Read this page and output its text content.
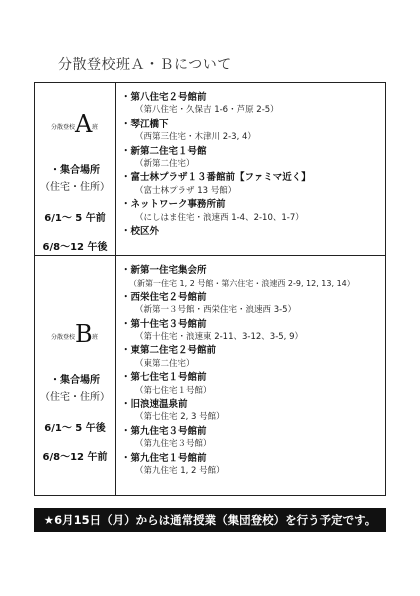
分散登校班Ａ・Ｂについて
分散登校 A 班
・集合場所
（住宅・住所）
6/1～ 5 午前
6/8～12 午後
・第八住宅２号館前
（第八住宅・久保吉 1-6・芦原 2-5）
・琴江橋下
（西第三住宅・木津川 2-3, 4）
・新第二住宅１号館
（新第二住宅）
・富士林プラザ１３番館前【ファミマ近く】
（富士林プラザ 13 号館）
・ネットワーク事務所前
（にしはま住宅・浪速西 1-4、2-10、1-7）
・校区外
分散登校 B 班
・集合場所
（住宅・住所）
6/1～ 5 午後
6/8～12 午前
・新第一住宅集会所
（新第一住宅 1, 2 号館・第六住宅・浪速西 2-9, 12, 13, 14）
・西栄住宅２号館前
（新第一３号館・西栄住宅・浪速西 3-5）
・第十住宅３号館前
（第十住宅・浪速東 2-11、3-12、3-5, 9）
・東第二住宅２号館前
（東第二住宅）
・第七住宅１号館前
（第七住宅１号館）
・旧浪速温泉前
（第七住宅 2, 3 号館）
・第九住宅３号館前
（第九住宅３号館）
・第九住宅１号館前
（第九住宅 1, 2 号館）
★6月15日（月）からは通常授業（集団登校）を行う予定です。
